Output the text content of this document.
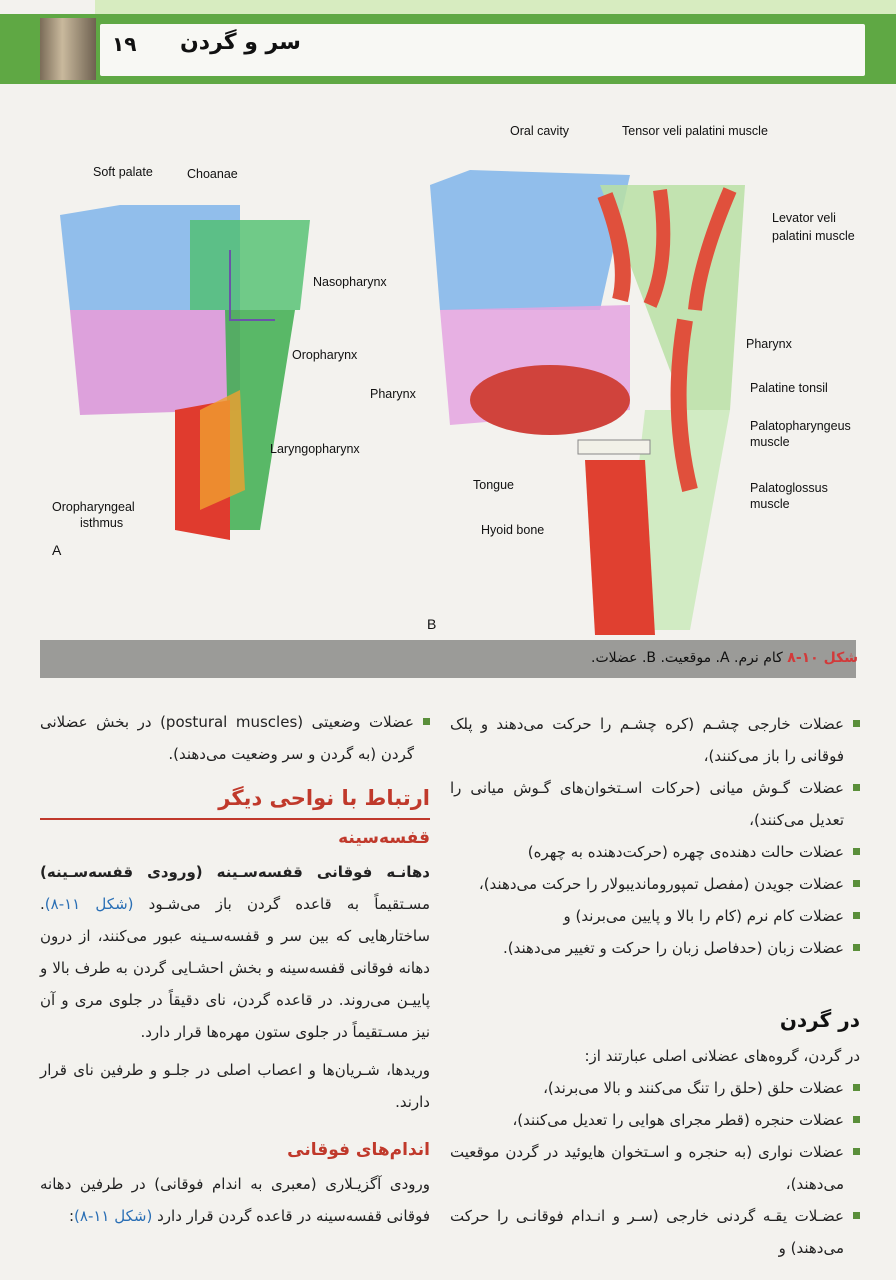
۱۹ سر و گردن
Soft palate	Choanae
Nasopharynx
Oropharynx
Pharynx
Laryngopharynx
Oropharyngeal
isthmus
A
Oral cavity	Tensor veli palatini muscle
Levator veli
palatini muscle
Pharynx
Palatine tonsil
Palatopharyngeus
muscle
Palatoglossus
muscle
Tongue
Hyoid bone
B
شکل ۱۰-۸ کام نرم. A. موقعیت. B. عضلات.

عضلات خارجی چشـم (کره چشـم را حرکت می‌دهند و پلک فوقانی را باز می‌کنند)،

عضلات گـوش میانی (حرکات اسـتخوان‌های گـوش میانی را تعدیل می‌کنند)،

عضلات حالت دهنده‌ی چهره (حرکت‌دهنده به چهره)

عضلات جویدن (مفصل تمپوروماندیبولار را حرکت می‌دهند)،

عضلات کام نرم (کام را بالا و پایین می‌برند) و

عضلات زبان (حدفاصل زبان را حرکت و تغییر می‌دهند).

در گردن

در گردن، گروه‌های عضلانی اصلی عبارتند از:

عضلات حلق (حلق را تنگ می‌کنند و بالا می‌برند)،

عضلات حنجره (قطر مجرای هوایی را تعدیل می‌کنند)،

عضلات نواری (به حنجره و اسـتخوان هایوئید در گردن موقعیت می‌دهند)،

عضـلات یقـه گردنی خارجی (سـر و انـدام فوقانـی را حرکت می‌دهند) و

عضلات وضعیتی (postural muscles) در بخش عضلانی گردن (به گردن و سر وضعیت می‌دهند).

ارتباط با نواحی دیگر
قفسه‌سینه

دهانـه فوقانی قفسه‌سـینه (ورودی قفسه‌سـینه) مسـتقیماً به قاعده گردن باز می‌شـود (شکل ۱۱-۸). ساختارهایی که بین سر و قفسه‌سـینه عبور می‌کنند، از درون دهانه فوقانی قفسه‌سینه و بخش احشـایی گردن به طرف بالا و پاییـن می‌روند. در قاعده گردن، نای دقیقاً در جلوی مری و آن نیز مسـتقیماً در جلوی ستون مهره‌ها قرار دارد.

وریدها، شـریان‌ها و اعصاب اصلی در جلـو و طرفین نای قرار دارند.

اندام‌های فوقانی

ورودی آگزیـلاری (معبری به اندام فوقانی) در طرفین دهانه فوقانی قفسه‌سینه در قاعده گردن قرار دارد (شکل ۱۱-۸):
